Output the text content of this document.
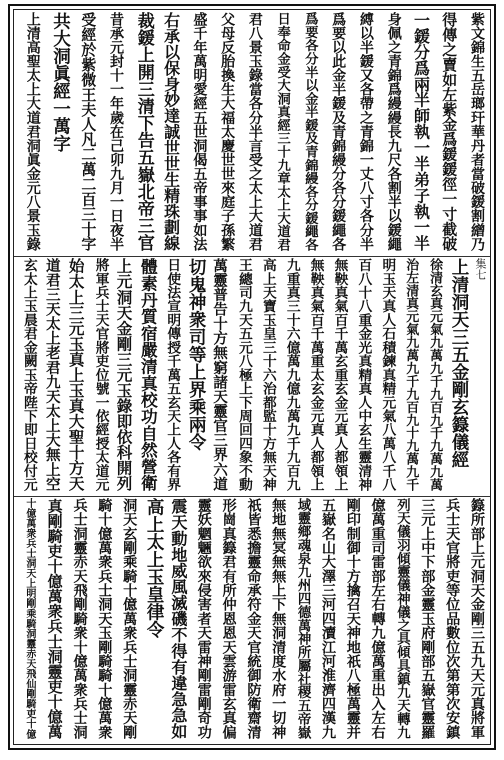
紫文錦生五岳瑯玕華丹者當破鍰割繒乃
得傳之賣如左紫金爲鍰鍰徑一寸截破
一鍰分爲兩半師執一半弟子執一半
身佩之青錦爲縵縵長九尺各割半以鍰繩
縛以半鍰又各帶之青錦一丈八寸各分半
爲要以此金半鍰及青錦縵分各分鍰繩各
爲要各分半以金半鍰及青錦縵各分鍰繩各
日奉命金受大洞真經三十九章太上大道君
君八景玉錄當各分半言受之太上大道君
父母反胎換生大福太慶世世來庭子孫繁
盛千年萬明愛經五世洞偈五帝事事如法
右承以保身妙達誠世世生精珠劃線
裁鍰上開三清下告五嶽北帝三官
昔承元封十一年歲在己卯九月一日夜半
受經於紫微王夫人凡二萬二百三十字
共大洞眞經一萬字
上清高聖太上大道君洞眞金元八景玉錄
上清洞天三五金剛玄籙儀經
徐清玄真元氣九萬九千九百九千九萬九萬
治左清真元氣九萬九千九百九十九萬九千
明玉天真人石積鍊真精元氣八萬八千八
百八十八重金光真精真人中玄生靈清神
無鞅真氣百千萬玄重玄金元真人都領上
無鞅真氣百千萬重太玄金元真人都領上
九重真三十六億萬九億九萬九千九百九
高上天寶玉皇三十六治都監十方無天神
王總司九天五元八極上下周回四象不動
萬靈普告十方無窮諸天靈官三界六道
切鬼神衆司等上界乘兩令
日使法宣明傳授千萬五玄天上人各有界
體素丹質宿嚴清真校功自然營衛
上元洞天金剛三元玉錄即依科開列
將軍兵士天官將吏位號一依經授太道元
始太上三元玉真上玉真大聖十方天
道君三天太上老君九天太上大無上空
玄太上玉晨君金闕玉帝陛下即日校付元	集七
籙所部上元洞天金剛三五九天元真將軍
兵士天官將吏等位品數位次第第次安鎮
三元上中下部金靈玉府剛部五嶽官靈羅
列天儀羽傾靈儀神儀之具傾具鎮九天轉九
億萬重司雷部左右轉九億萬重出入左右
剛印制御十方擒召天神地祇八極萬靈并
五嶽名山大澤三河四瀆江河淮濟四漢九
域靈鄉魂泉九州四德萬神所屬社稷五帝嶽
無地無冥無無上下無洞清度水府一切神
祇皆悉擔靈命承符金天官統御防衛齋清
形崗真籙君有所仲恩恩天雲游雷玄真偏
靈妖魍魎欲來侵害者天雷神剛雷剛奇功
震天動地威風滅磯不得有違急急如
高上太上玉皇律令
洞天玄剛乘騎十億萬衆兵士洞靈赤天剛
騎十億萬衆兵士洞天玉剛騎騎十億萬衆
兵士洞靈赤天飛剛騎衆十億萬衆兵士洞
真剛騎吏十億萬衆兵士洞靈吏十億萬
十億萬衆兵士洞天上明剛乘騎洞靈赤天飛仙剛騎吏十億
